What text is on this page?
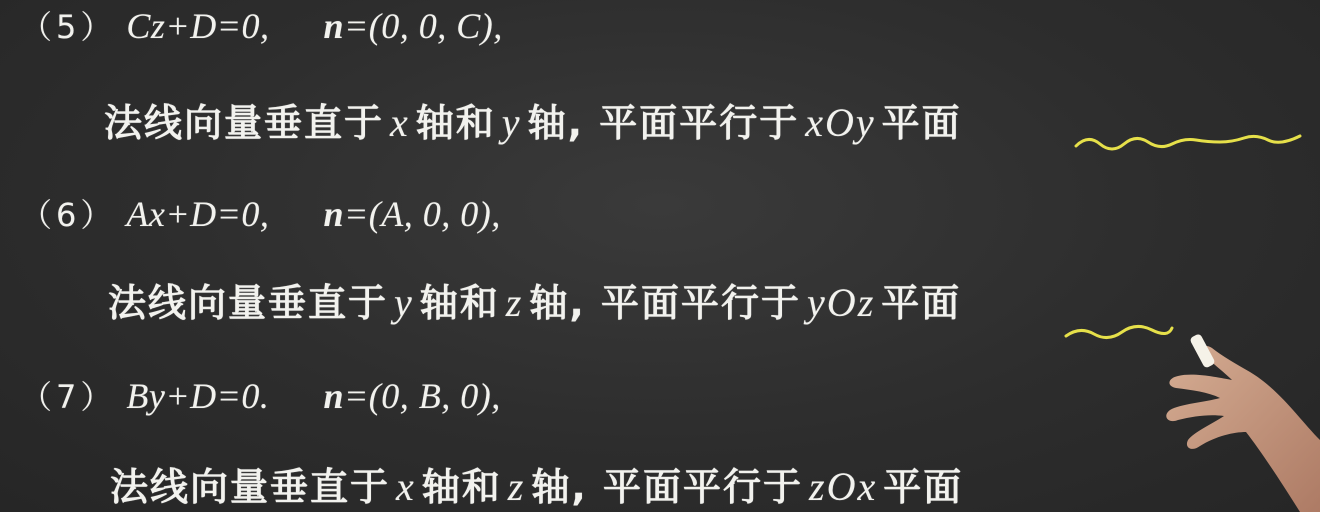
（5） Cz+D=0, n=(0, 0, C),
法线向量垂直于 x 轴和 y 轴, 平面平行于 xOy 平面
（6） Ax+D=0, n=(A, 0, 0),
法线向量垂直于 y 轴和 z 轴, 平面平行于 yOz 平面
（7） By+D=0. n=(0, B, 0),
法线向量垂直于 x 轴和 z 轴, 平面平行于 zOx 平面
